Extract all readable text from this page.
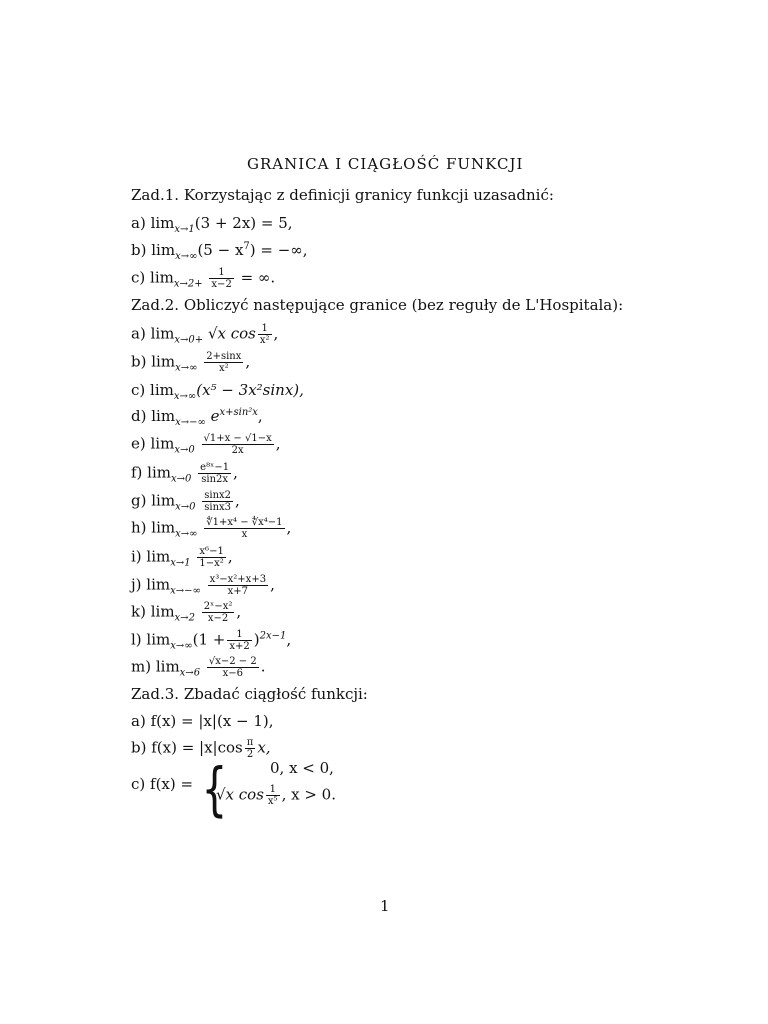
GRANICA I CIĄGŁOŚĆ FUNKCJI
Zad.1. Korzystając z definicji granicy funkcji uzasadnić:
a) $\lim_{x\to 1}(3 + 2x) = 5$,
b) $\lim_{x\to\infty}(5 - x^7)$ = −∞,
c) $\lim_{x\to 2+} \frac{1}{x-2}$ = ∞.
Zad.2. Obliczyć następujące granice (bez reguły de L'Hospitala):
a) $\lim_{x\to 0+} √x$ $\cos \frac{1}{\text{x²}}$ ,
b) $\lim_{x\to\infty} \frac{2+\sin x}{\text{x²}}$ ,
c) $\lim_{x\to\infty}(x^5 - 3x^2\sin x)$,
d) $\lim_{x\to-\infty} e^{x+sin^2x}$,
e) $\lim_{x\to 0} \frac{√1+x - √1-x}{2x}$ ,
f) $\lim_{x\to 0} \frac{\text{e⁸ˣ−1}}{\sin 2x}$ ,
g) $\lim_{x\to 0} \frac{\sin x2}{\sin x3}$ ,
h) $\lim_{x\to\infty} \frac{\text{∜1+x⁴ − ∜x⁴−1}}{x}$ ,
i) $\lim_{x\to 1} \frac{\text{x⁶−1}}{\text{1−x²}}$ ,
j) $\lim_{x\to-\infty} \frac{\text{x³−x²+x+3}}{x+7}$ ,
k) $\lim_{x\to 2} \frac{\text{2ˣ−x²}}{x-2}$ ,
l) $\lim_{x\to\infty}(1 + \frac{1}{x+2} )^{2x-1}$,
m) $\lim_{x\to 6} \frac{√x-2 - 2}{x-6}$ .
Zad.3. Zbadać ciągłość funkcji:
a) f(x) = |x|(x − 1),
b) $f(x) = |x|\cos \frac{\pi}{2} x$,
c) f(x) = {	0, x < 0,
√x $\cos \frac{1}{\text{x⁵}}$ , x > 0.
1
